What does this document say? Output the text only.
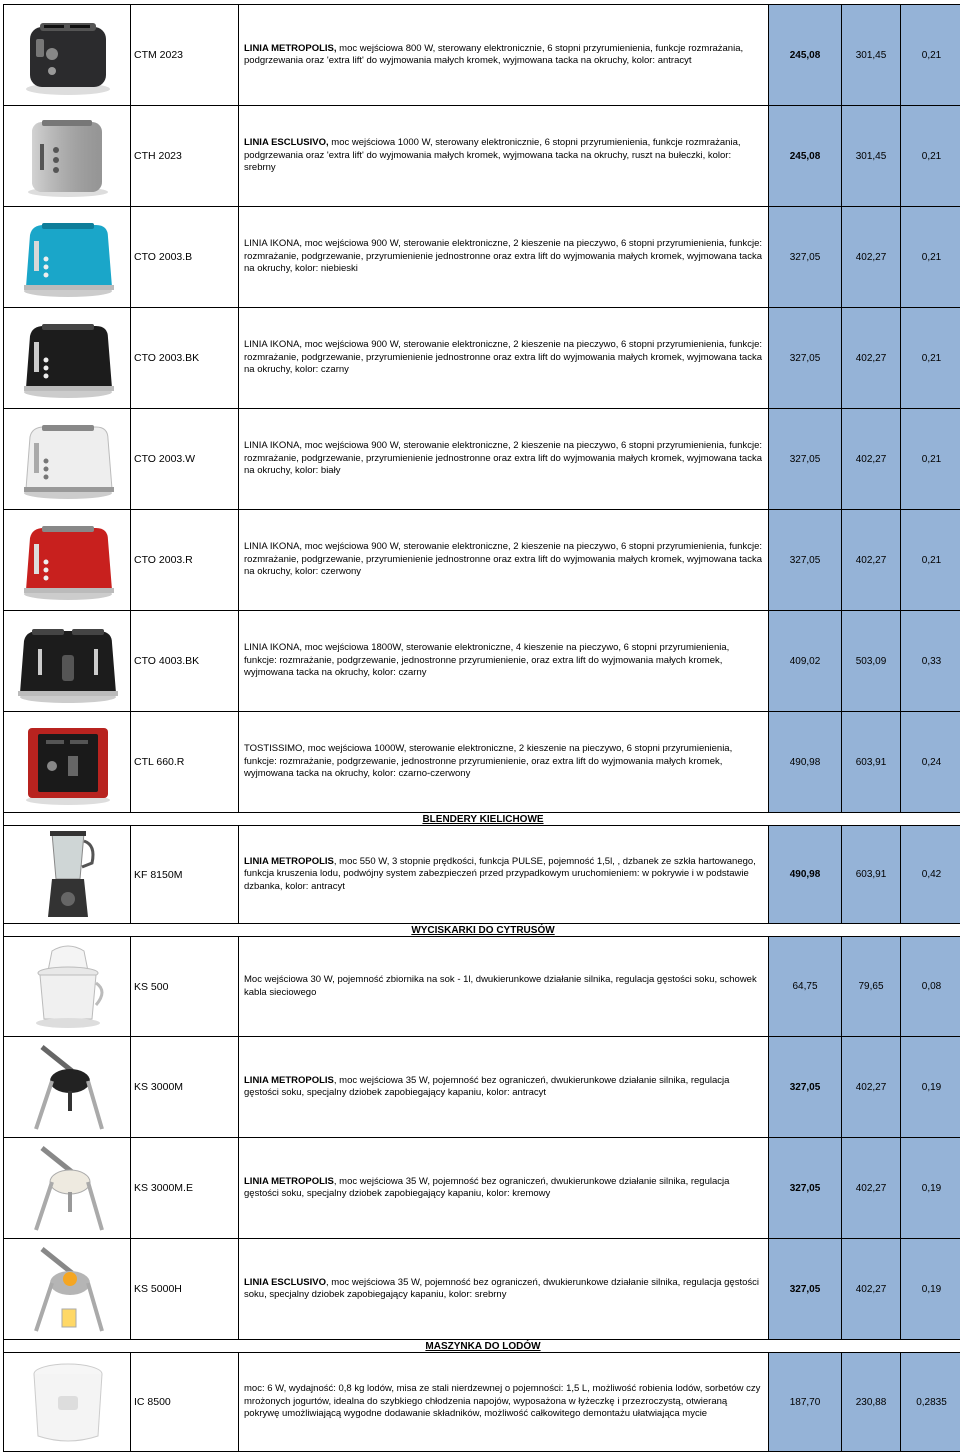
	CTM 2023	LINIA METROPOLIS, moc wejściowa 800 W, sterowany elektronicznie, 6 stopni przyrumienienia, funkcje rozmrażania, podgrzewania oraz 'extra lift' do wyjmowania małych kromek, wyjmowana tacka na okruchy, kolor: antracyt	245,08	301,45	0,21

	CTH 2023	LINIA ESCLUSIVO, moc wejściowa 1000 W, sterowany elektronicznie, 6 stopni przyrumienienia, funkcje rozmrażania, podgrzewania oraz 'extra lift' do wyjmowania małych kromek, wyjmowana tacka na okruchy, ruszt na bułeczki, kolor: srebrny	245,08	301,45	0,21

	CTO 2003.B	LINIA IKONA, moc wejściowa 900 W, sterowanie elektroniczne, 2 kieszenie na pieczywo, 6 stopni przyrumienienia, funkcje: rozmrażanie, podgrzewanie, przyrumienienie jednostronne oraz extra lift do wyjmowania małych kromek, wyjmowana tacka na okruchy, kolor: niebieski	327,05	402,27	0,21

	CTO 2003.BK	LINIA IKONA, moc wejściowa 900 W, sterowanie elektroniczne, 2 kieszenie na pieczywo, 6 stopni przyrumienienia, funkcje: rozmrażanie, podgrzewanie, przyrumienienie jednostronne oraz extra lift do wyjmowania małych kromek, wyjmowana tacka na okruchy, kolor: czarny	327,05	402,27	0,21

	CTO 2003.W	LINIA IKONA, moc wejściowa 900 W, sterowanie elektroniczne, 2 kieszenie na pieczywo, 6 stopni przyrumienienia, funkcje: rozmrażanie, podgrzewanie, przyrumienienie jednostronne oraz extra lift do wyjmowania małych kromek, wyjmowana tacka na okruchy, kolor: biały	327,05	402,27	0,21

	CTO 2003.R	LINIA IKONA, moc wejściowa 900 W, sterowanie elektroniczne, 2 kieszenie na pieczywo, 6 stopni przyrumienienia, funkcje: rozmrażanie, podgrzewanie, przyrumienienie jednostronne oraz extra lift do wyjmowania małych kromek, wyjmowana tacka na okruchy, kolor: czerwony	327,05	402,27	0,21

	CTO 4003.BK	LINIA IKONA, moc wejściowa 1800W, sterowanie elektroniczne, 4 kieszenie na pieczywo, 6 stopni przyrumienienia, funkcje: rozmrażanie, podgrzewanie, jednostronne przyrumienienie, oraz extra lift do wyjmowania małych kromek, wyjmowana tacka na okruchy, kolor: czarny	409,02	503,09	0,33

	CTL 660.R	TOSTISSIMO, moc wejściowa 1000W, sterowanie elektroniczne, 2 kieszenie na pieczywo, 6 stopni przyrumienienia, funkcje: rozmrażanie, podgrzewanie, jednostronne przyrumienienie, oraz extra lift do wyjmowania małych kromek, wyjmowana tacka na okruchy, kolor: czarno-czerwony	490,98	603,91	0,24
BLENDERY KIELICHOWE					

	KF 8150M	LINIA METROPOLIS, moc 550 W, 3 stopnie prędkości, funkcja PULSE, pojemność 1,5l, , dzbanek ze szkła hartowanego, funkcja kruszenia lodu, podwójny system zabezpieczeń przed przypadkowym uruchomieniem: w pokrywie i w podstawie dzbanka, kolor: antracyt	490,98	603,91	0,42
WYCISKARKI DO CYTRUSÓW					

	KS 500	Moc wejściowa 30 W, pojemność zbiornika na sok - 1l, dwukierunkowe działanie silnika, regulacja gęstości soku, schowek kabla sieciowego	64,75	79,65	0,08

	KS 3000M	LINIA METROPOLIS, moc wejściowa 35 W, pojemność bez ograniczeń, dwukierunkowe działanie silnika, regulacja gęstości soku, specjalny dziobek zapobiegający kapaniu, kolor: antracyt	327,05	402,27	0,19

	KS 3000M.E	LINIA METROPOLIS, moc wejściowa 35 W, pojemność bez ograniczeń, dwukierunkowe działanie silnika, regulacja gęstości soku, specjalny dziobek zapobiegający kapaniu, kolor: kremowy	327,05	402,27	0,19

	KS 5000H	LINIA ESCLUSIVO, moc wejściowa 35 W, pojemność bez ograniczeń, dwukierunkowe działanie silnika, regulacja gęstości soku, specjalny dziobek zapobiegający kapaniu, kolor: srebrny	327,05	402,27	0,19
MASZYNKA DO LODÓW					

	IC 8500	moc: 6 W, wydajność: 0,8 kg lodów, misa ze stali nierdzewnej o pojemności: 1,5 L, możliwość robienia lodów, sorbetów czy mrożonych jogurtów, idealna do szybkiego chłodzenia napojów, wyposażona w łyżeczkę i przezroczystą, otwieraną pokrywę umożliwiającą wygodne dodawanie składników, możliwość całkowitego demontażu ułatwiająca mycie	187,70	230,88	0,2835
